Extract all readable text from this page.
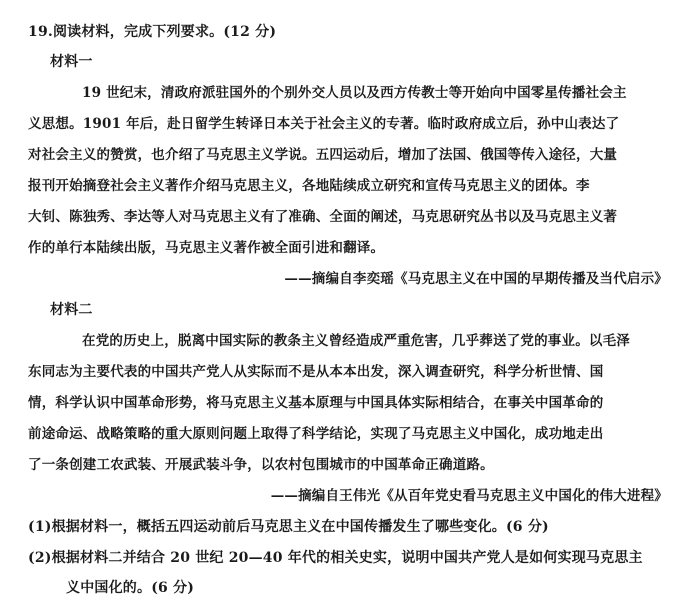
19.阅读材料，完成下列要求。(12 分)
材料一
19 世纪末，清政府派驻国外的个别外交人员以及西方传教士等开始向中国零星传播社会主
义思想。1901 年后，赴日留学生转译日本关于社会主义的专著。临时政府成立后，孙中山表达了
对社会主义的赞赏，也介绍了马克思主义学说。五四运动后，增加了法国、俄国等传入途径，大量
报刊开始摘登社会主义著作介绍马克思主义，各地陆续成立研究和宣传马克思主义的团体。李
大钊、陈独秀、李达等人对马克思主义有了准确、全面的阐述，马克思研究丛书以及马克思主义著
作的单行本陆续出版，马克思主义著作被全面引进和翻译。
——摘编自李奕瑶《马克思主义在中国的早期传播及当代启示》
材料二
在党的历史上，脱离中国实际的教条主义曾经造成严重危害，几乎葬送了党的事业。以毛泽
东同志为主要代表的中国共产党人从实际而不是从本本出发，深入调查研究，科学分析世情、国
情，科学认识中国革命形势，将马克思主义基本原理与中国具体实际相结合，在事关中国革命的
前途命运、战略策略的重大原则问题上取得了科学结论，实现了马克思主义中国化，成功地走出
了一条创建工农武装、开展武装斗争，以农村包围城市的中国革命正确道路。
——摘编自王伟光《从百年党史看马克思主义中国化的伟大进程》
(1)根据材料一，概括五四运动前后马克思主义在中国传播发生了哪些变化。(6 分)
(2)根据材料二并结合 20 世纪 20—40 年代的相关史实，说明中国共产党人是如何实现马克思主
义中国化的。(6 分)
